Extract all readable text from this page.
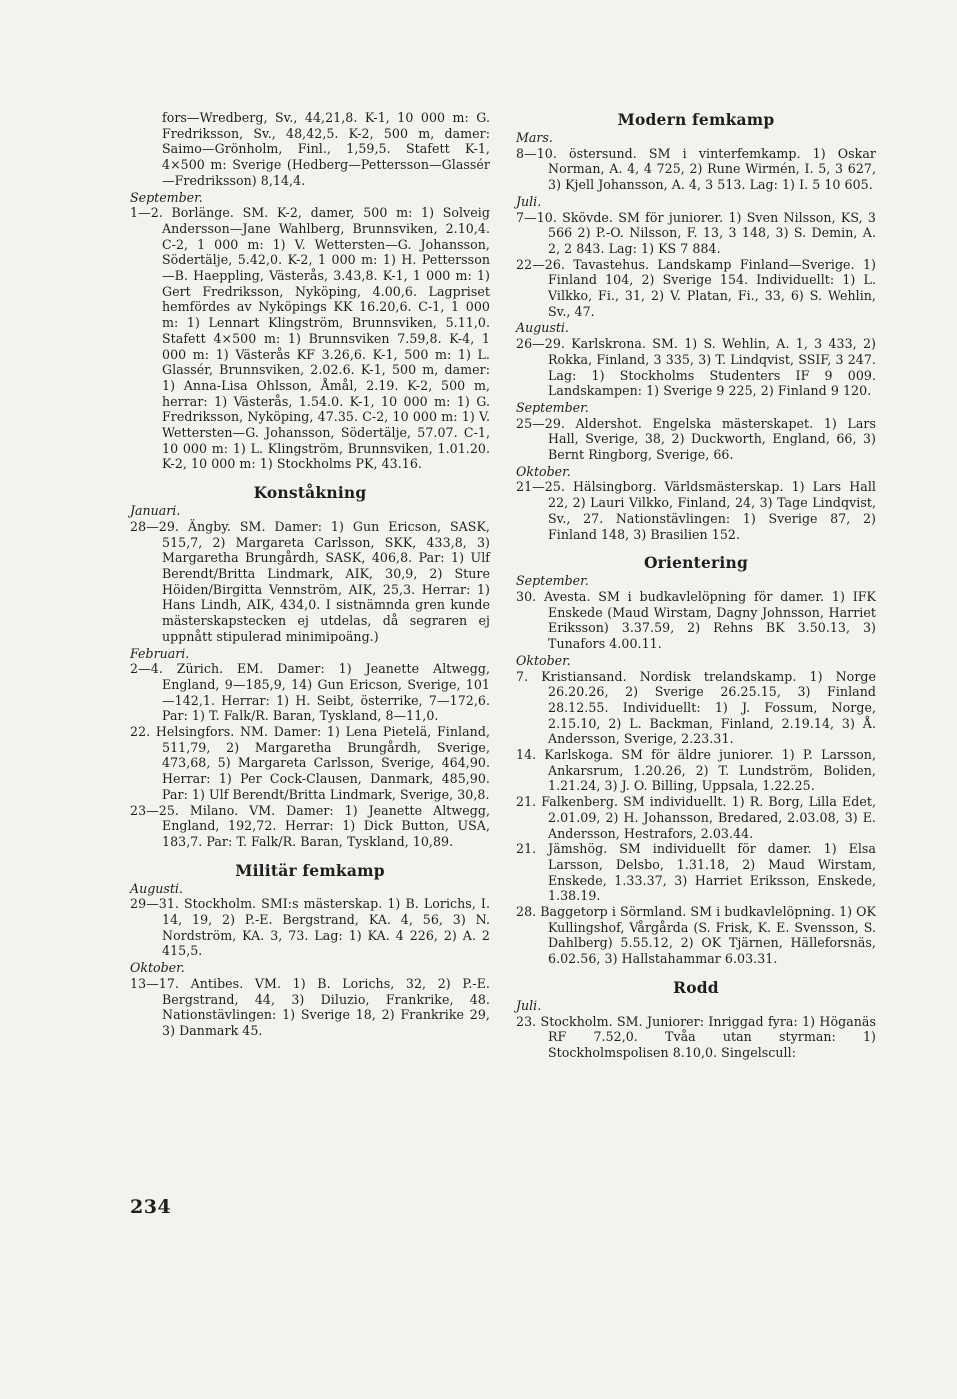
fors—Wredberg, Sv., 44,21,8. K-1, 10 000 m: G. Fredriksson, Sv., 48,42,5. K-2, 500 m, damer: Saimo—Grönholm, Finl., 1,59,5. Stafett K-1, 4×500 m: Sverige (Hedberg—Pettersson—Glassér—Fredriksson) 8,14,4.
September.
1—2. Borlänge. SM. K-2, damer, 500 m: 1) Solveig Andersson—Jane Wahlberg, Brunnsviken, 2.10,4. C-2, 1 000 m: 1) V. Wettersten—G. Johansson, Södertälje, 5.42,0. K-2, 1 000 m: 1) H. Pettersson—B. Haeppling, Västerås, 3.43,8. K-1, 1 000 m: 1) Gert Fredriksson, Nyköping, 4.00,6. Lagpriset hemfördes av Nyköpings KK 16.20,6. C-1, 1 000 m: 1) Lennart Klingström, Brunnsviken, 5.11,0. Stafett 4×500 m: 1) Brunnsviken 7.59,8. K-4, 1 000 m: 1) Västerås KF 3.26,6. K-1, 500 m: 1) L. Glassér, Brunnsviken, 2.02.6. K-1, 500 m, damer: 1) Anna-Lisa Ohlsson, Åmål, 2.19. K-2, 500 m, herrar: 1) Västerås, 1.54.0. K-1, 10 000 m: 1) G. Fredriksson, Nyköping, 47.35. C-2, 10 000 m: 1) V. Wettersten—G. Johansson, Södertälje, 57.07. C-1, 10 000 m: 1) L. Klingström, Brunnsviken, 1.01.20. K-2, 10 000 m: 1) Stockholms PK, 43.16.
Konståkning
Januari.
28—29. Ängby. SM. Damer: 1) Gun Ericson, SASK, 515,7, 2) Margareta Carlsson, SKK, 433,8, 3) Margaretha Brungårdh, SASK, 406,8. Par: 1) Ulf Berendt/Britta Lindmark, AIK, 30,9, 2) Sture Höiden/Birgitta Vennström, AIK, 25,3. Herrar: 1) Hans Lindh, AIK, 434,0. I sistnämnda gren kunde mästerskapstecken ej utdelas, då segraren ej uppnått stipulerad minimipoäng.)
Februari.
2—4. Zürich. EM. Damer: 1) Jeanette Altwegg, England, 9—185,9, 14) Gun Ericson, Sverige, 101—142,1. Herrar: 1) H. Seibt, österrike, 7—172,6. Par: 1) T. Falk/R. Baran, Tyskland, 8—11,0.
22. Helsingfors. NM. Damer: 1) Lena Pietelä, Finland, 511,79, 2) Margaretha Brungårdh, Sverige, 473,68, 5) Margareta Carlsson, Sverige, 464,90. Herrar: 1) Per Cock-Clausen, Danmark, 485,90. Par: 1) Ulf Berendt/Britta Lindmark, Sverige, 30,8.
23—25. Milano. VM. Damer: 1) Jeanette Altwegg, England, 192,72. Herrar: 1) Dick Button, USA, 183,7. Par: T. Falk/R. Baran, Tyskland, 10,89.
Militär femkamp
Augusti.
29—31. Stockholm. SMI:s mästerskap. 1) B. Lorichs, I. 14, 19, 2) P.-E. Bergstrand, KA. 4, 56, 3) N. Nordström, KA. 3, 73. Lag: 1) KA. 4 226, 2) A. 2 415,5.
Oktober.
13—17. Antibes. VM. 1) B. Lorichs, 32, 2) P.-E. Bergstrand, 44, 3) Diluzio, Frankrike, 48. Nationstävlingen: 1) Sverige 18, 2) Frankrike 29, 3) Danmark 45.
Modern femkamp
Mars.
8—10. östersund. SM i vinterfemkamp. 1) Oskar Norman, A. 4, 4 725, 2) Rune Wirmén, I. 5, 3 627, 3) Kjell Johansson, A. 4, 3 513. Lag: 1) I. 5 10 605.
Juli.
7—10. Skövde. SM för juniorer. 1) Sven Nilsson, KS, 3 566 2) P.-O. Nilsson, F. 13, 3 148, 3) S. Demin, A. 2, 2 843. Lag: 1) KS 7 884.
22—26. Tavastehus. Landskamp Finland—Sverige. 1) Finland 104, 2) Sverige 154. Individuellt: 1) L. Vilkko, Fi., 31, 2) V. Platan, Fi., 33, 6) S. Wehlin, Sv., 47.
Augusti.
26—29. Karlskrona. SM. 1) S. Wehlin, A. 1, 3 433, 2) Rokka, Finland, 3 335, 3) T. Lindqvist, SSIF, 3 247. Lag: 1) Stockholms Studenters IF 9 009. Landskampen: 1) Sverige 9 225, 2) Finland 9 120.
September.
25—29. Aldershot. Engelska mästerskapet. 1) Lars Hall, Sverige, 38, 2) Duckworth, England, 66, 3) Bernt Ringborg, Sverige, 66.
Oktober.
21—25. Hälsingborg. Världsmästerskap. 1) Lars Hall 22, 2) Lauri Vilkko, Finland, 24, 3) Tage Lindqvist, Sv., 27. Nationstävlingen: 1) Sverige 87, 2) Finland 148, 3) Brasilien 152.
Orientering
September.
30. Avesta. SM i budkavlelöpning för damer. 1) IFK Enskede (Maud Wirstam, Dagny Johnsson, Harriet Eriksson) 3.37.59, 2) Rehns BK 3.50.13, 3) Tunafors 4.00.11.
Oktober.
7. Kristiansand. Nordisk trelandskamp. 1) Norge 26.20.26, 2) Sverige 26.25.15, 3) Finland 28.12.55. Individuellt: 1) J. Fossum, Norge, 2.15.10, 2) L. Backman, Finland, 2.19.14, 3) Å. Andersson, Sverige, 2.23.31.
14. Karlskoga. SM för äldre juniorer. 1) P. Larsson, Ankarsrum, 1.20.26, 2) T. Lundström, Boliden, 1.21.24, 3) J. O. Billing, Uppsala, 1.22.25.
21. Falkenberg. SM individuellt. 1) R. Borg, Lilla Edet, 2.01.09, 2) H. Johansson, Bredared, 2.03.08, 3) E. Andersson, Hestrafors, 2.03.44.
21. Jämshög. SM individuellt för damer. 1) Elsa Larsson, Delsbo, 1.31.18, 2) Maud Wirstam, Enskede, 1.33.37, 3) Harriet Eriksson, Enskede, 1.38.19.
28. Baggetorp i Sörmland. SM i budkavlelöpning. 1) OK Kullingshof, Vårgårda (S. Frisk, K. E. Svensson, S. Dahlberg) 5.55.12, 2) OK Tjärnen, Hälleforsnäs, 6.02.56, 3) Hallstahammar 6.03.31.
Rodd
Juli.
23. Stockholm. SM. Juniorer: Inriggad fyra: 1) Höganäs RF 7.52,0. Tvåa utan styrman: 1) Stockholmspolisen 8.10,0. Singelscull:
234
